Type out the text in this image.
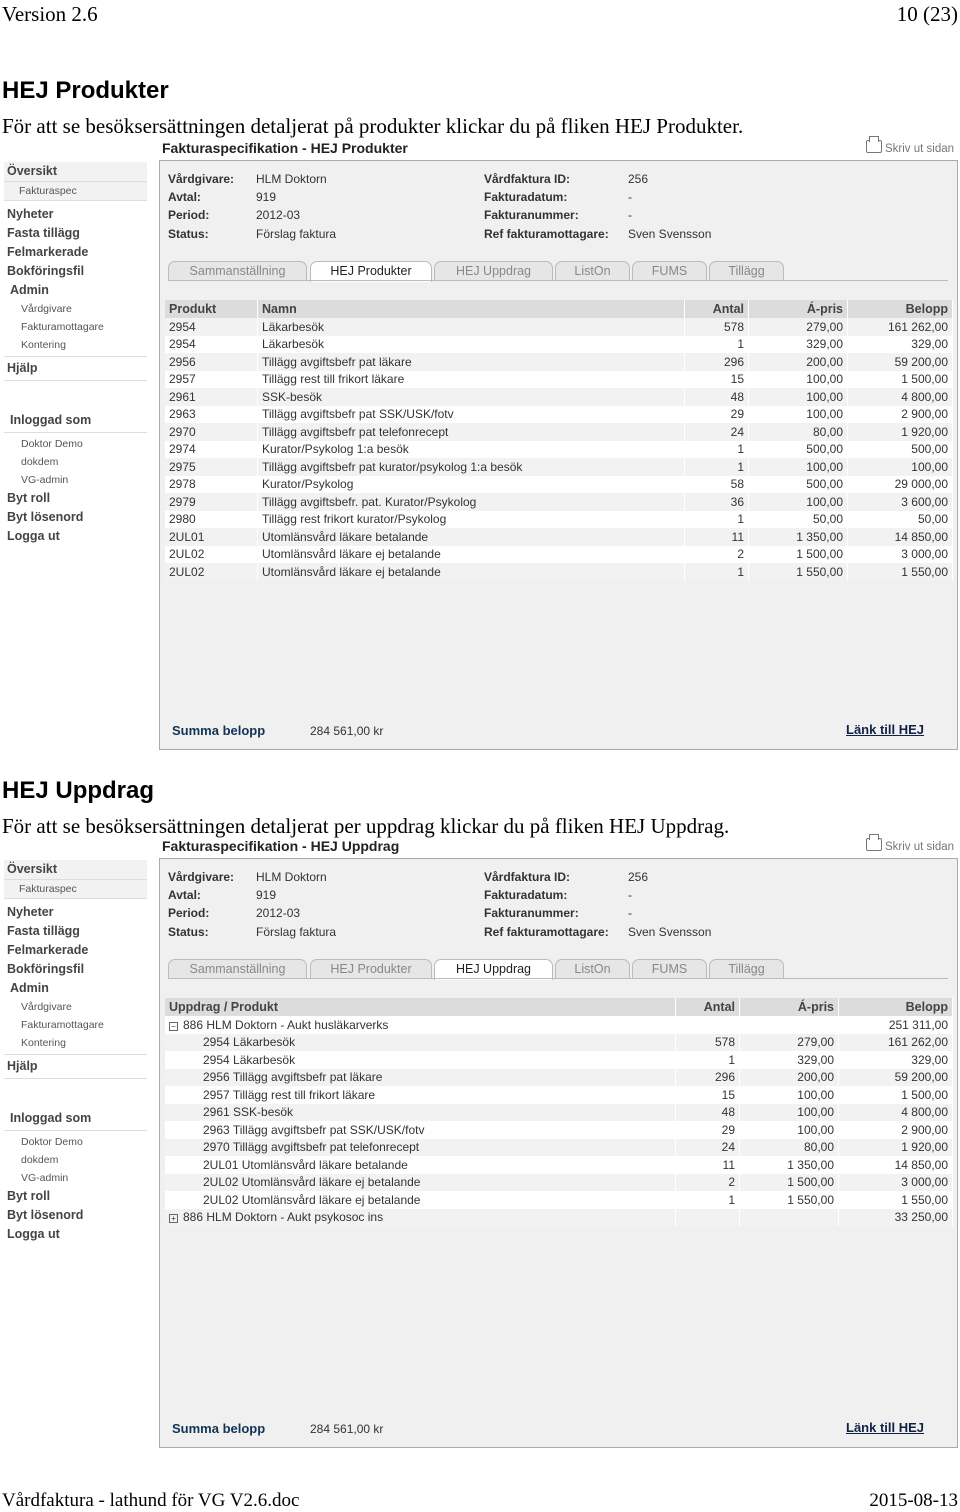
Version 2.6	10 (23)
HEJ Produkter
För att se besöksersättningen detaljerat på produkter klickar du på fliken HEJ Produkter.
Översikt
Fakturaspec
Nyheter
Fasta tillägg
Felmarkerade
Bokföringsfil
Admin
Vårdgivare
Fakturamottagare
Kontering
Hjälp
Inloggad som
Doktor Demo
dokdem
VG-admin
Byt roll
Byt lösenord
Logga ut
Fakturaspecifikation - HEJ Produkter	Skriv ut sidan
Vårdgivare: HLM Doktorn
Avtal:	919
Period:	2012-03
Status:	Förslag faktura
Vårdfaktura ID:	256
Fakturadatum:	-
Fakturanummer:	-
Ref fakturamottagare: Sven Svensson
Sammanställning	HEJ Produkter	HEJ Uppdrag	ListOn	FUMS	Tillägg
Produkt	Namn	Antal	Á-pris	Belopp
2954	Läkarbesök	578	279,00	161 262,00
2954	Läkarbesök	1	329,00	329,00
2956	Tillägg avgiftsbefr pat läkare	296	200,00	59 200,00
2957	Tillägg rest till frikort läkare	15	100,00	1 500,00
2961	SSK-besök	48	100,00	4 800,00
2963	Tillägg avgiftsbefr pat SSK/USK/fotv	29	100,00	2 900,00
2970	Tillägg avgiftsbefr pat telefonrecept	24	80,00	1 920,00
2974	Kurator/Psykolog 1:a besök	1	500,00	500,00
2975	Tillägg avgiftsbefr pat kurator/psykolog 1:a besök	1	100,00	100,00
2978	Kurator/Psykolog	58	500,00	29 000,00
2979	Tillägg avgiftsbefr. pat. Kurator/Psykolog	36	100,00	3 600,00
2980	Tillägg rest frikort kurator/Psykolog	1	50,00	50,00
2UL01	Utomlänsvård läkare betalande	11	1 350,00	14 850,00
2UL02	Utomlänsvård läkare ej betalande	2	1 500,00	3 000,00
2UL02	Utomlänsvård läkare ej betalande	1	1 550,00	1 550,00
Summa belopp	284 561,00 kr	Länk till HEJ
HEJ Uppdrag
För att se besöksersättningen detaljerat per uppdrag klickar du på fliken HEJ Uppdrag.
Översikt
Fakturaspec
Nyheter
Fasta tillägg
Felmarkerade
Bokföringsfil
Admin
Vårdgivare
Fakturamottagare
Kontering
Hjälp
Inloggad som
Doktor Demo
dokdem
VG-admin
Byt roll
Byt lösenord
Logga ut
Fakturaspecifikation - HEJ Uppdrag	Skriv ut sidan
Vårdgivare: HLM Doktorn
Avtal:	919
Period:	2012-03
Status:	Förslag faktura
Vårdfaktura ID:	256
Fakturadatum:	-
Fakturanummer:	-
Ref fakturamottagare: Sven Svensson
Sammanställning	HEJ Produkter	HEJ Uppdrag	ListOn	FUMS	Tillägg
Uppdrag / Produkt	Antal	Á-pris	Belopp
− 886 HLM Doktorn - Aukt husläkarverks			251 311,00
2954 Läkarbesök	578	279,00	161 262,00
2954 Läkarbesök	1	329,00	329,00
2956 Tillägg avgiftsbefr pat läkare	296	200,00	59 200,00
2957 Tillägg rest till frikort läkare	15	100,00	1 500,00
2961 SSK-besök	48	100,00	4 800,00
2963 Tillägg avgiftsbefr pat SSK/USK/fotv	29	100,00	2 900,00
2970 Tillägg avgiftsbefr pat telefonrecept	24	80,00	1 920,00
2UL01 Utomlänsvård läkare betalande	11	1 350,00	14 850,00
2UL02 Utomlänsvård läkare ej betalande	2	1 500,00	3 000,00
2UL02 Utomlänsvård läkare ej betalande	1	1 550,00	1 550,00
+ 886 HLM Doktorn - Aukt psykosoc ins			33 250,00
Summa belopp	284 561,00 kr	Länk till HEJ
Vårdfaktura - lathund för VG V2.6.doc	2015-08-13
